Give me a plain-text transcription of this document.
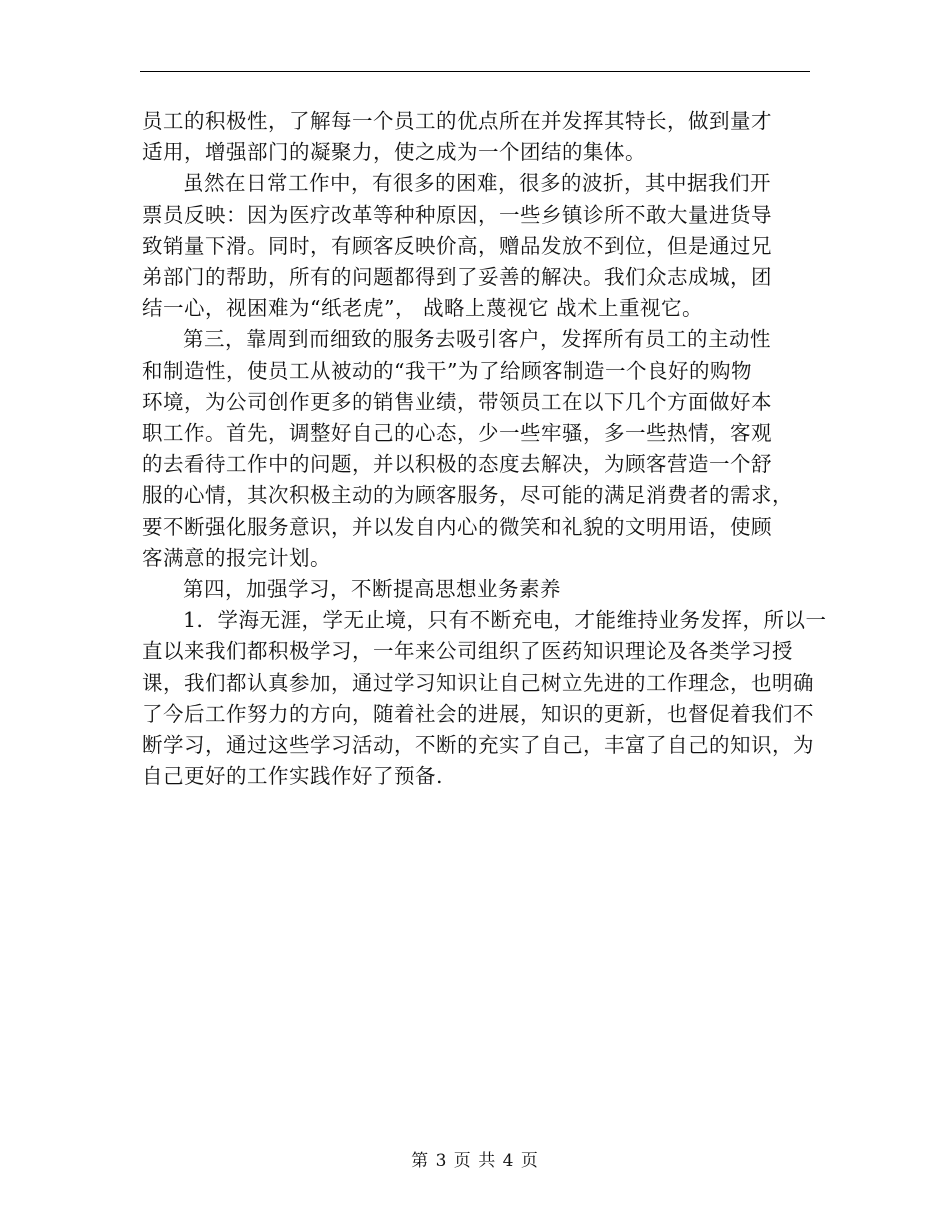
员工的积极性，了解每一个员工的优点所在并发挥其特长，做到量才
适用，增强部门的凝聚力，使之成为一个团结的集体。

虽然在日常工作中，有很多的困难，很多的波折，其中据我们开
票员反映：因为医疗改革等种种原因，一些乡镇诊所不敢大量进货导
致销量下滑。同时，有顾客反映价高，赠品发放不到位，但是通过兄
弟部门的帮助，所有的问题都得到了妥善的解决。我们众志成城，团
结一心，视困难为“纸老虎”， 战略上蔑视它 战术上重视它。

第三，靠周到而细致的服务去吸引客户，发挥所有员工的主动性
和制造性，使员工从被动的“我干”为了给顾客制造一个良好的购物
环境，为公司创作更多的销售业绩，带领员工在以下几个方面做好本
职工作。首先，调整好自己的心态，少一些牢骚，多一些热情，客观
的去看待工作中的问题，并以积极的态度去解决，为顾客营造一个舒
服的心情，其次积极主动的为顾客服务，尽可能的满足消费者的需求，
要不断强化服务意识，并以发自内心的微笑和礼貌的文明用语，使顾
客满意的报完计划。

第四，加强学习，不断提高思想业务素养

1．学海无涯，学无止境，只有不断充电，才能维持业务发挥，所以一
直以来我们都积极学习，一年来公司组织了医药知识理论及各类学习授
课，我们都认真参加，通过学习知识让自己树立先进的工作理念，也明确
了今后工作努力的方向，随着社会的进展，知识的更新，也督促着我们不
断学习，通过这些学习活动，不断的充实了自己，丰富了自己的知识，为
自己更好的工作实践作好了预备.

第 3 页 共 4 页
